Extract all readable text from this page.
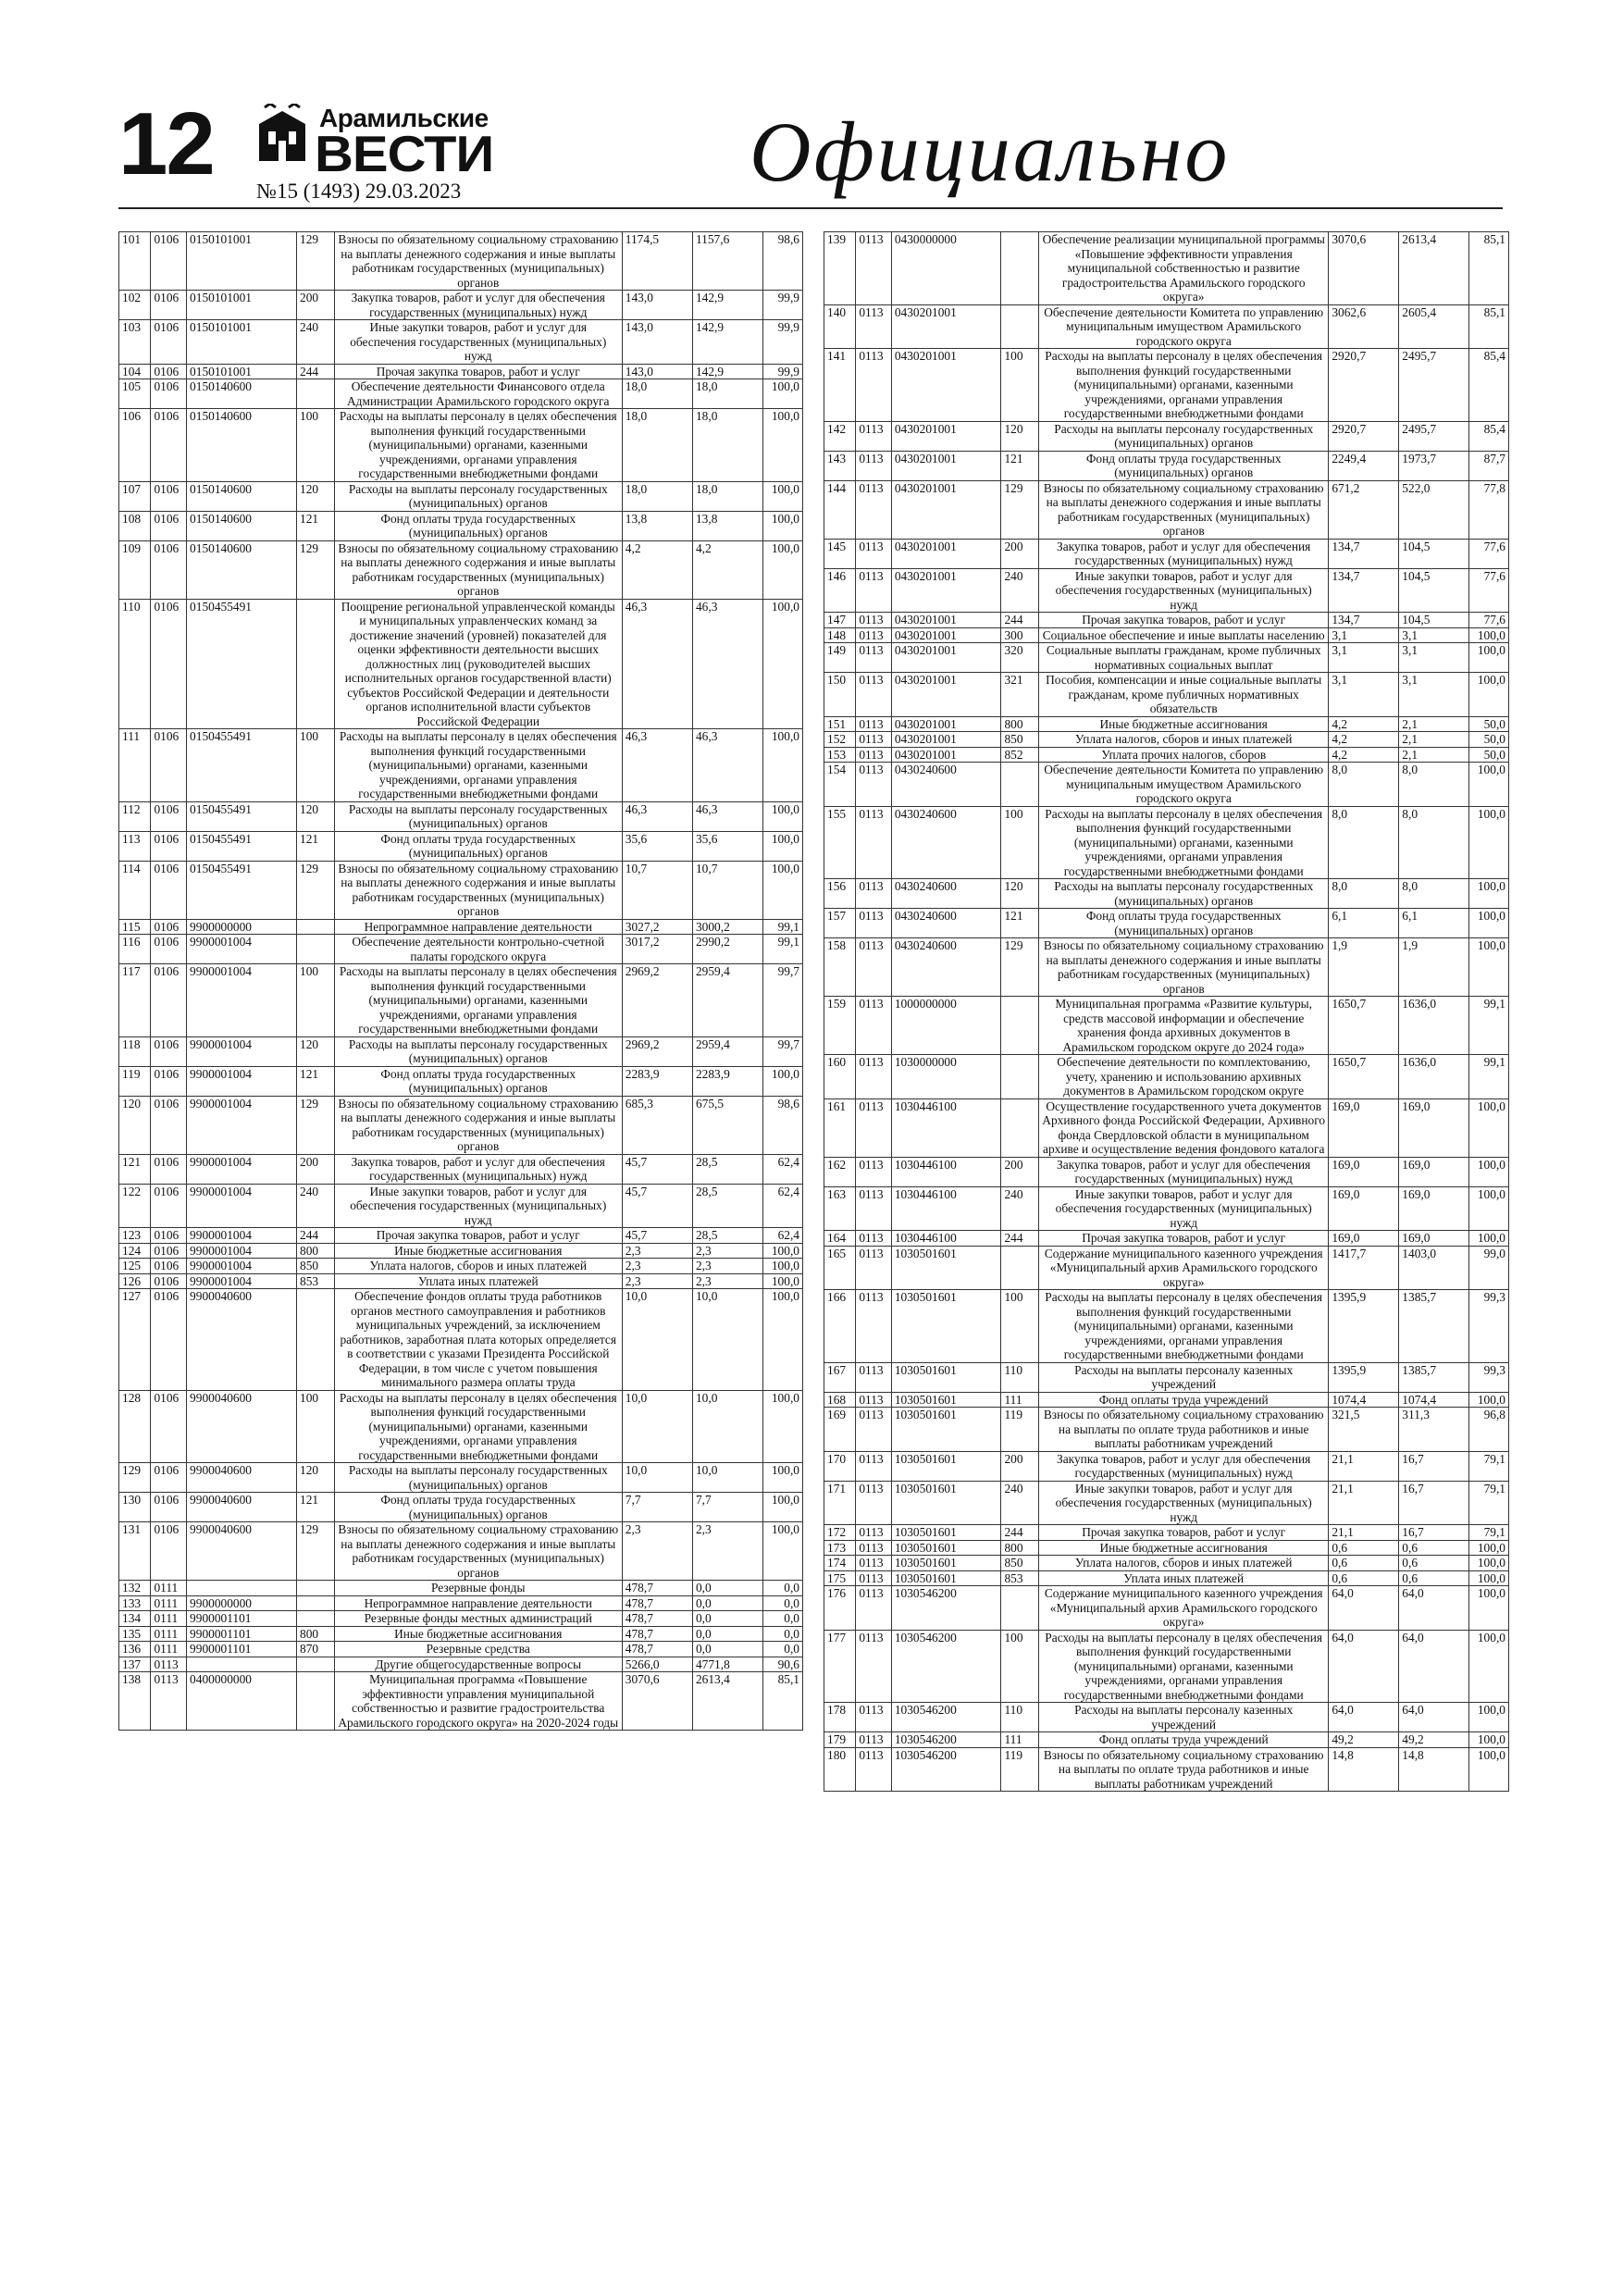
12	Арамильские
ВЕСТИ
№15 (1493) 29.03.2023	Официально
101	0106	0150101001	129	Взносы по обязательному социальному страхованию на выплаты денежного содержания и иные выплаты работникам государственных (муниципальных) органов	1174,5	1157,6	98,6
102	0106	0150101001	200	Закупка товаров, работ и услуг для обеспечения государственных (муниципальных) нужд	143,0	142,9	99,9
103	0106	0150101001	240	Иные закупки товаров, работ и услуг для обеспечения государственных (муниципальных) нужд	143,0	142,9	99,9
104	0106	0150101001	244	Прочая закупка товаров, работ и услуг	143,0	142,9	99,9
105	0106	0150140600		Обеспечение деятельности Финансового отдела Администрации Арамильского городского округа	18,0	18,0	100,0
106	0106	0150140600	100	Расходы на выплаты персоналу в целях обеспечения выполнения функций государственными (муниципальными) органами, казенными учреждениями, органами управления государственными внебюджетными фондами	18,0	18,0	100,0
107	0106	0150140600	120	Расходы на выплаты персоналу государственных (муниципальных) органов	18,0	18,0	100,0
108	0106	0150140600	121	Фонд оплаты труда государственных (муниципальных) органов	13,8	13,8	100,0
109	0106	0150140600	129	Взносы по обязательному социальному страхованию на выплаты денежного содержания и иные выплаты работникам государственных (муниципальных) органов	4,2	4,2	100,0
110	0106	0150455491		Поощрение региональной управленческой команды и муниципальных управленческих команд за достижение значений (уровней) показателей для оценки эффективности деятельности высших должностных лиц (руководителей высших исполнительных органов государственной власти) субъектов Российской Федерации и деятельности органов исполнительной власти субъектов Российской Федерации	46,3	46,3	100,0
111	0106	0150455491	100	Расходы на выплаты персоналу в целях обеспечения выполнения функций государственными (муниципальными) органами, казенными учреждениями, органами управления государственными внебюджетными фондами	46,3	46,3	100,0
112	0106	0150455491	120	Расходы на выплаты персоналу государственных (муниципальных) органов	46,3	46,3	100,0
113	0106	0150455491	121	Фонд оплаты труда государственных (муниципальных) органов	35,6	35,6	100,0
114	0106	0150455491	129	Взносы по обязательному социальному страхованию на выплаты денежного содержания и иные выплаты работникам государственных (муниципальных) органов	10,7	10,7	100,0
115	0106	9900000000		Непрограммное направление деятельности	3027,2	3000,2	99,1
116	0106	9900001004		Обеспечение деятельности контрольно-счетной палаты городского округа	3017,2	2990,2	99,1
117	0106	9900001004	100	Расходы на выплаты персоналу в целях обеспечения выполнения функций государственными (муниципальными) органами, казенными учреждениями, органами управления государственными внебюджетными фондами	2969,2	2959,4	99,7
118	0106	9900001004	120	Расходы на выплаты персоналу государственных (муниципальных) органов	2969,2	2959,4	99,7
119	0106	9900001004	121	Фонд оплаты труда государственных (муниципальных) органов	2283,9	2283,9	100,0
120	0106	9900001004	129	Взносы по обязательному социальному страхованию на выплаты денежного содержания и иные выплаты работникам государственных (муниципальных) органов	685,3	675,5	98,6
121	0106	9900001004	200	Закупка товаров, работ и услуг для обеспечения государственных (муниципальных) нужд	45,7	28,5	62,4
122	0106	9900001004	240	Иные закупки товаров, работ и услуг для обеспечения государственных (муниципальных) нужд	45,7	28,5	62,4
123	0106	9900001004	244	Прочая закупка товаров, работ и услуг	45,7	28,5	62,4
124	0106	9900001004	800	Иные бюджетные ассигнования	2,3	2,3	100,0
125	0106	9900001004	850	Уплата налогов, сборов и иных платежей	2,3	2,3	100,0
126	0106	9900001004	853	Уплата иных платежей	2,3	2,3	100,0
127	0106	9900040600		Обеспечение фондов оплаты труда работников органов местного самоуправления и работников муниципальных учреждений, за исключением работников, заработная плата которых определяется в соответствии с указами Президента Российской Федерации, в том числе с учетом повышения минимального размера оплаты труда	10,0	10,0	100,0
128	0106	9900040600	100	Расходы на выплаты персоналу в целях обеспечения выполнения функций государственными (муниципальными) органами, казенными учреждениями, органами управления государственными внебюджетными фондами	10,0	10,0	100,0
129	0106	9900040600	120	Расходы на выплаты персоналу государственных (муниципальных) органов	10,0	10,0	100,0
130	0106	9900040600	121	Фонд оплаты труда государственных (муниципальных) органов	7,7	7,7	100,0
131	0106	9900040600	129	Взносы по обязательному социальному страхованию на выплаты денежного содержания и иные выплаты работникам государственных (муниципальных) органов	2,3	2,3	100,0
132	0111			Резервные фонды	478,7	0,0	0,0
133	0111	9900000000		Непрограммное направление деятельности	478,7	0,0	0,0
134	0111	9900001101		Резервные фонды местных администраций	478,7	0,0	0,0
135	0111	9900001101	800	Иные бюджетные ассигнования	478,7	0,0	0,0
136	0111	9900001101	870	Резервные средства	478,7	0,0	0,0
137	0113			Другие общегосударственные вопросы	5266,0	4771,8	90,6
138	0113	0400000000		Муниципальная программа «Повышение эффективности управления муниципальной собственностью и развитие градостроительства Арамильского городского округа» на 2020-2024 годы	3070,6	2613,4	85,1
139	0113	0430000000		Обеспечение реализации муниципальной программы «Повышение эффективности управления муниципальной собственностью и развитие градостроительства Арамильского городского округа»	3070,6	2613,4	85,1
140	0113	0430201001		Обеспечение деятельности Комитета по управлению муниципальным имуществом Арамильского городского округа	3062,6	2605,4	85,1
141	0113	0430201001	100	Расходы на выплаты персоналу в целях обеспечения выполнения функций государственными (муниципальными) органами, казенными учреждениями, органами управления государственными внебюджетными фондами	2920,7	2495,7	85,4
142	0113	0430201001	120	Расходы на выплаты персоналу государственных (муниципальных) органов	2920,7	2495,7	85,4
143	0113	0430201001	121	Фонд оплаты труда государственных (муниципальных) органов	2249,4	1973,7	87,7
144	0113	0430201001	129	Взносы по обязательному социальному страхованию на выплаты денежного содержания и иные выплаты работникам государственных (муниципальных) органов	671,2	522,0	77,8
145	0113	0430201001	200	Закупка товаров, работ и услуг для обеспечения государственных (муниципальных) нужд	134,7	104,5	77,6
146	0113	0430201001	240	Иные закупки товаров, работ и услуг для обеспечения государственных (муниципальных) нужд	134,7	104,5	77,6
147	0113	0430201001	244	Прочая закупка товаров, работ и услуг	134,7	104,5	77,6
148	0113	0430201001	300	Социальное обеспечение и иные выплаты населению	3,1	3,1	100,0
149	0113	0430201001	320	Социальные выплаты гражданам, кроме публичных нормативных социальных выплат	3,1	3,1	100,0
150	0113	0430201001	321	Пособия, компенсации и иные социальные выплаты гражданам, кроме публичных нормативных обязательств	3,1	3,1	100,0
151	0113	0430201001	800	Иные бюджетные ассигнования	4,2	2,1	50,0
152	0113	0430201001	850	Уплата налогов, сборов и иных платежей	4,2	2,1	50,0
153	0113	0430201001	852	Уплата прочих налогов, сборов	4,2	2,1	50,0
154	0113	0430240600		Обеспечение деятельности Комитета по управлению муниципальным имуществом Арамильского городского округа	8,0	8,0	100,0
155	0113	0430240600	100	Расходы на выплаты персоналу в целях обеспечения выполнения функций государственными (муниципальными) органами, казенными учреждениями, органами управления государственными внебюджетными фондами	8,0	8,0	100,0
156	0113	0430240600	120	Расходы на выплаты персоналу государственных (муниципальных) органов	8,0	8,0	100,0
157	0113	0430240600	121	Фонд оплаты труда государственных (муниципальных) органов	6,1	6,1	100,0
158	0113	0430240600	129	Взносы по обязательному социальному страхованию на выплаты денежного содержания и иные выплаты работникам государственных (муниципальных) органов	1,9	1,9	100,0
159	0113	1000000000		Муниципальная программа «Развитие культуры, средств массовой информации и обеспечение хранения фонда архивных документов в Арамильском городском округе до 2024 года»	1650,7	1636,0	99,1
160	0113	1030000000		Обеспечение деятельности по комплектованию, учету, хранению и использованию архивных документов в Арамильском городском округе	1650,7	1636,0	99,1
161	0113	1030446100		Осуществление государственного учета документов Архивного фонда Российской Федерации, Архивного фонда Свердловской области в муниципальном архиве и осуществление ведения фондового каталога	169,0	169,0	100,0
162	0113	1030446100	200	Закупка товаров, работ и услуг для обеспечения государственных (муниципальных) нужд	169,0	169,0	100,0
163	0113	1030446100	240	Иные закупки товаров, работ и услуг для обеспечения государственных (муниципальных) нужд	169,0	169,0	100,0
164	0113	1030446100	244	Прочая закупка товаров, работ и услуг	169,0	169,0	100,0
165	0113	1030501601		Содержание муниципального казенного учреждения «Муниципальный архив Арамильского городского округа»	1417,7	1403,0	99,0
166	0113	1030501601	100	Расходы на выплаты персоналу в целях обеспечения выполнения функций государственными (муниципальными) органами, казенными учреждениями, органами управления государственными внебюджетными фондами	1395,9	1385,7	99,3
167	0113	1030501601	110	Расходы на выплаты персоналу казенных учреждений	1395,9	1385,7	99,3
168	0113	1030501601	111	Фонд оплаты труда учреждений	1074,4	1074,4	100,0
169	0113	1030501601	119	Взносы по обязательному социальному страхованию на выплаты по оплате труда работников и иные выплаты работникам учреждений	321,5	311,3	96,8
170	0113	1030501601	200	Закупка товаров, работ и услуг для обеспечения государственных (муниципальных) нужд	21,1	16,7	79,1
171	0113	1030501601	240	Иные закупки товаров, работ и услуг для обеспечения государственных (муниципальных) нужд	21,1	16,7	79,1
172	0113	1030501601	244	Прочая закупка товаров, работ и услуг	21,1	16,7	79,1
173	0113	1030501601	800	Иные бюджетные ассигнования	0,6	0,6	100,0
174	0113	1030501601	850	Уплата налогов, сборов и иных платежей	0,6	0,6	100,0
175	0113	1030501601	853	Уплата иных платежей	0,6	0,6	100,0
176	0113	1030546200		Содержание муниципального казенного учреждения «Муниципальный архив Арамильского городского округа»	64,0	64,0	100,0
177	0113	1030546200	100	Расходы на выплаты персоналу в целях обеспечения выполнения функций государственными (муниципальными) органами, казенными учреждениями, органами управления государственными внебюджетными фондами	64,0	64,0	100,0
178	0113	1030546200	110	Расходы на выплаты персоналу казенных учреждений	64,0	64,0	100,0
179	0113	1030546200	111	Фонд оплаты труда учреждений	49,2	49,2	100,0
180	0113	1030546200	119	Взносы по обязательному социальному страхованию на выплаты по оплате труда работников и иные выплаты работникам учреждений	14,8	14,8	100,0
